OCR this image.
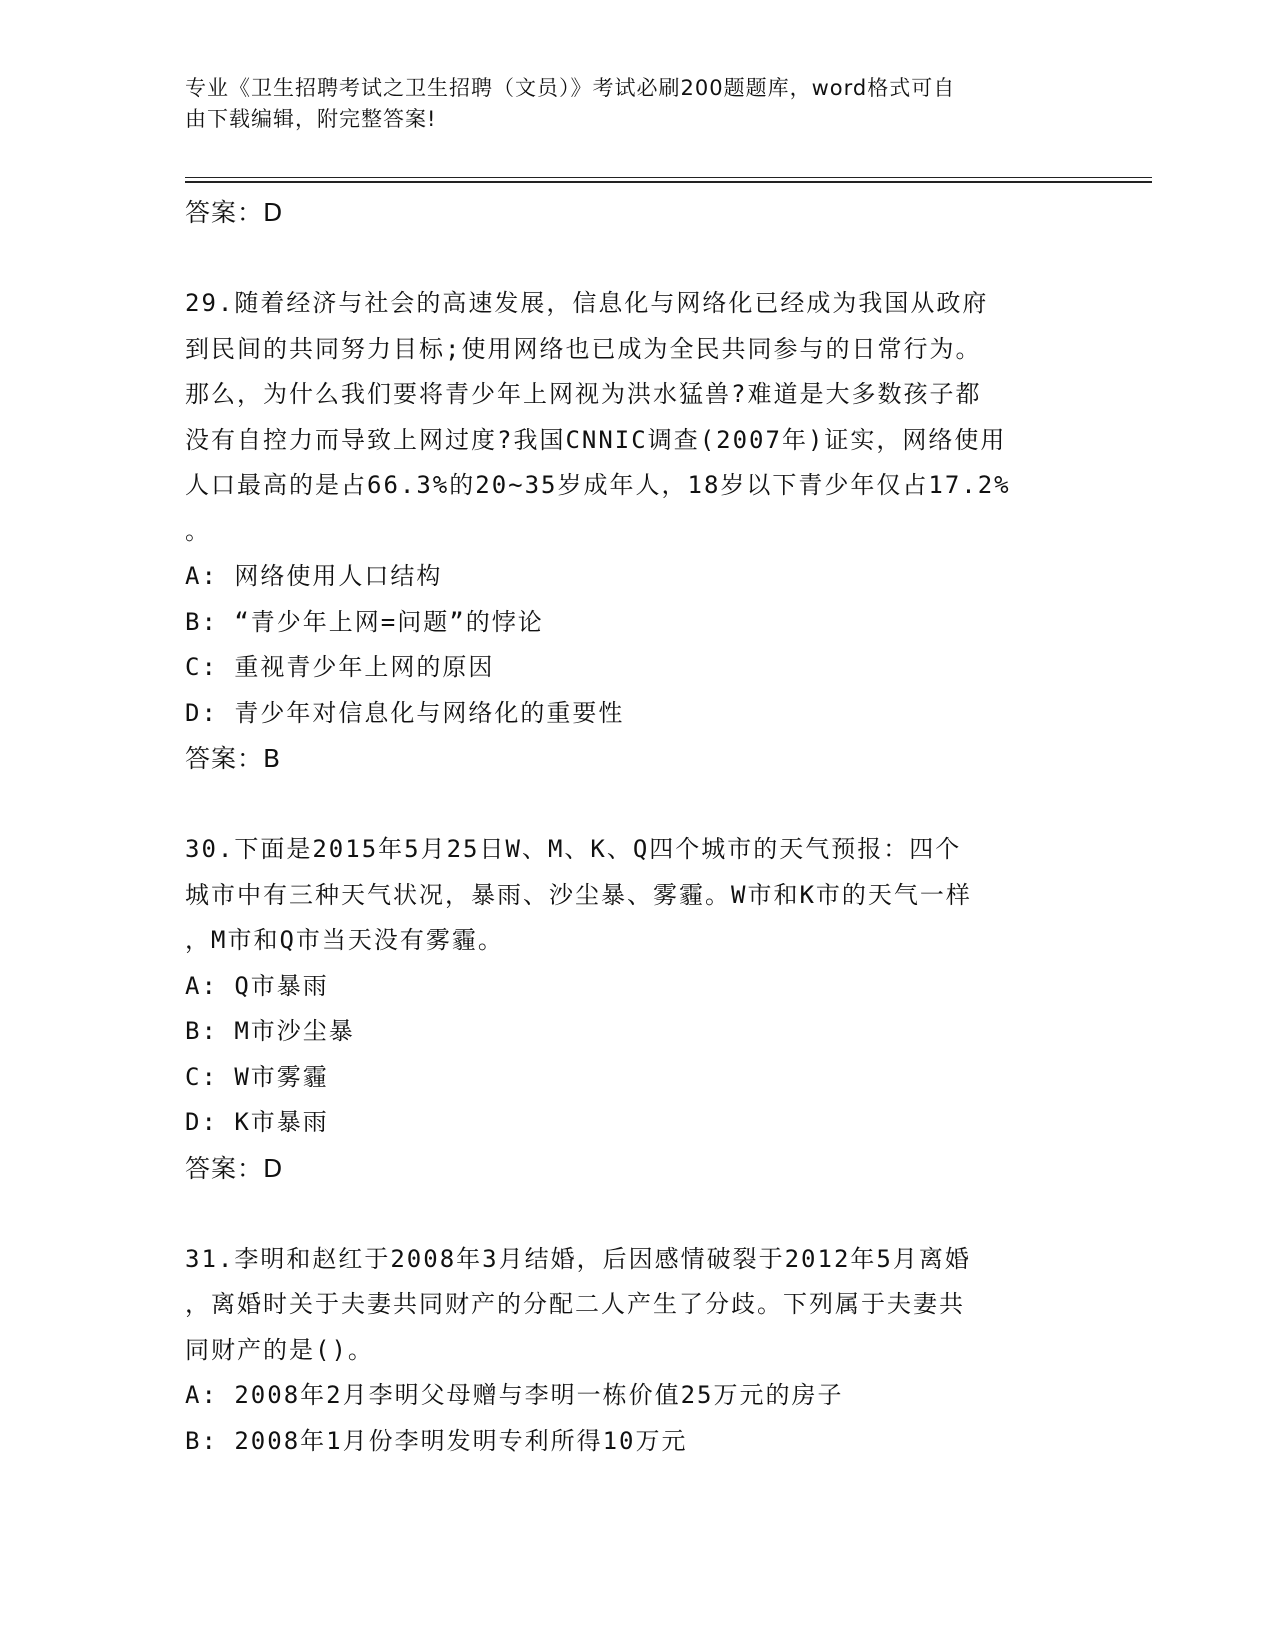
专业《卫生招聘考试之卫生招聘（文员）》考试必刷200题题库，word格式可自
由下载编辑，附完整答案!
答案：D
29.随着经济与社会的高速发展，信息化与网络化已经成为我国从政府
到民间的共同努力目标;使用网络也已成为全民共同参与的日常行为。
那么，为什么我们要将青少年上网视为洪水猛兽?难道是大多数孩子都
没有自控力而导致上网过度?我国CNNIC调查(2007年)证实，网络使用
人口最高的是占66.3%的20~35岁成年人，18岁以下青少年仅占17.2%
。
A: 网络使用人口结构
B: “青少年上网=问题”的悖论
C: 重视青少年上网的原因
D: 青少年对信息化与网络化的重要性
答案：B
30.下面是2015年5月25日W、M、K、Q四个城市的天气预报：四个
城市中有三种天气状况，暴雨、沙尘暴、雾霾。W市和K市的天气一样
，M市和Q市当天没有雾霾。
A: Q市暴雨
B: M市沙尘暴
C: W市雾霾
D: K市暴雨
答案：D
31.李明和赵红于2008年3月结婚，后因感情破裂于2012年5月离婚
，离婚时关于夫妻共同财产的分配二人产生了分歧。下列属于夫妻共
同财产的是()。
A: 2008年2月李明父母赠与李明一栋价值25万元的房子
B: 2008年1月份李明发明专利所得10万元
